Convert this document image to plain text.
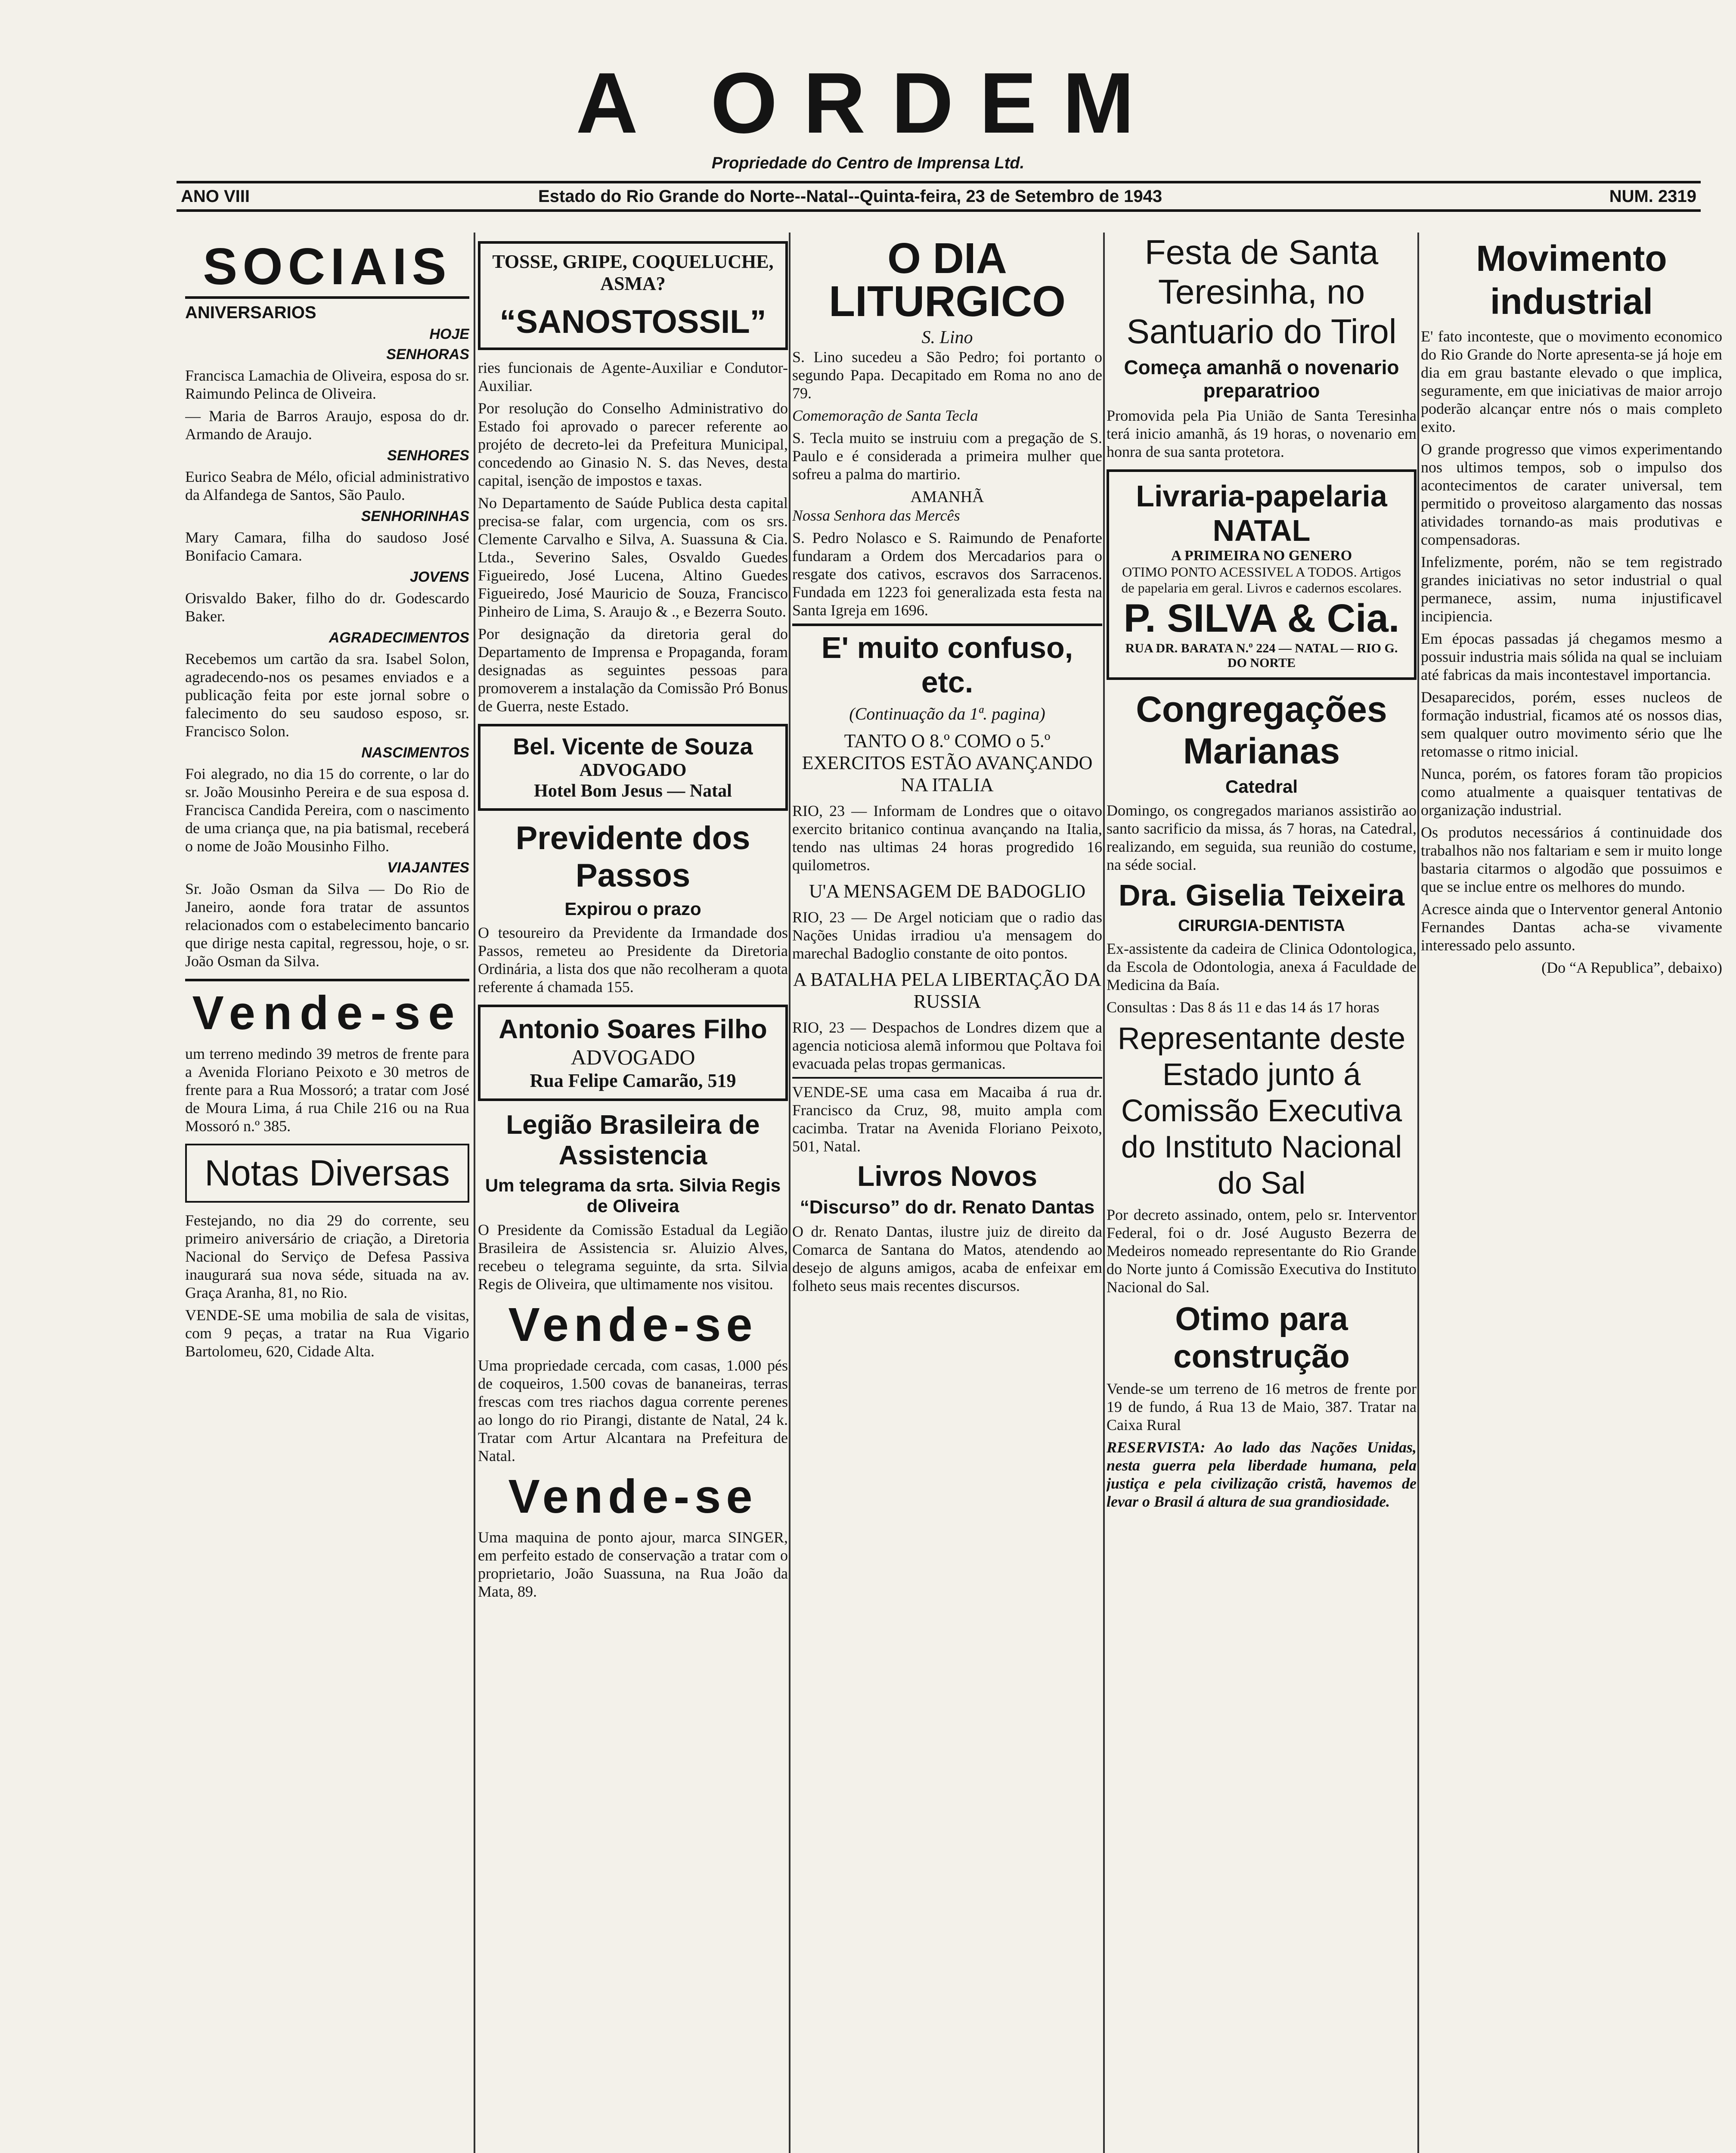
A ORDEM
Propriedade do Centro de Imprensa Ltd.
ANO VIII	Estado do Rio Grande do Norte--Natal--Quinta-feira, 23 de Setembro de 1943	NUM. 2319
SOCIAIS
ANIVERSARIOS
HOJE
SENHORAS

Francisca Lamachia de Oliveira, esposa do sr. Raimundo Pelinca de Oliveira.

— Maria de Barros Araujo, esposa do dr. Armando de Araujo.

SENHORES

Eurico Seabra de Mélo, oficial administrativo da Alfandega de Santos, São Paulo.

SENHORINHAS

Mary Camara, filha do saudoso José Bonifacio Camara.

JOVENS

Orisvaldo Baker, filho do dr. Godescardo Baker.

AGRADECIMENTOS

Recebemos um cartão da sra. Isabel Solon, agradecendo-nos os pesames enviados e a publicação feita por este jornal sobre o falecimento do seu saudoso esposo, sr. Francisco Solon.

NASCIMENTOS

Foi alegrado, no dia 15 do corrente, o lar do sr. João Mousinho Pereira e de sua esposa d. Francisca Candida Pereira, com o nascimento de uma criança que, na pia batismal, receberá o nome de João Mousinho Filho.

VIAJANTES

Sr. João Osman da Silva — Do Rio de Janeiro, aonde fora tratar de assuntos relacionados com o estabelecimento bancario que dirige nesta capital, regressou, hoje, o sr. João Osman da Silva.

Vende-se

um terreno medindo 39 metros de frente para a Avenida Floriano Peixoto e 30 metros de frente para a Rua Mossoró; a tratar com José de Moura Lima, á rua Chile 216 ou na Rua Mossoró n.º 385.

Notas Diversas

Festejando, no dia 29 do corrente, seu primeiro aniversário de criação, a Diretoria Nacional do Serviço de Defesa Passiva inaugurará sua nova séde, situada na av. Graça Aranha, 81, no Rio.

VENDE-SE uma mobilia de sala de visitas, com 9 peças, a tratar na Rua Vigario Bartolomeu, 620, Cidade Alta.

TOSSE, GRIPE, COQUELUCHE, ASMA?
“SANOSTOSSIL”

ries funcionais de Agente-Auxiliar e Condutor-Auxiliar.

Por resolução do Conselho Administrativo do Estado foi aprovado o parecer referente ao projéto de decreto-lei da Prefeitura Municipal, concedendo ao Ginasio N. S. das Neves, desta capital, isenção de impostos e taxas.

No Departamento de Saúde Publica desta capital precisa-se falar, com urgencia, com os srs. Clemente Carvalho e Silva, A. Suassuna & Cia. Ltda., Severino Sales, Osvaldo Guedes Figueiredo, José Lucena, Altino Guedes Figueiredo, José Mauricio de Souza, Francisco Pinheiro de Lima, S. Araujo & ., e Bezerra Souto.

Por designação da diretoria geral do Departamento de Imprensa e Propaganda, foram designadas as seguintes pessoas para promoverem a instalação da Comissão Pró Bonus de Guerra, neste Estado.

Bel. Vicente de Souza
ADVOGADO
Hotel Bom Jesus — Natal
Previdente dos Passos
Expirou o prazo

O tesoureiro da Previdente da Irmandade dos Passos, remeteu ao Presidente da Diretoria Ordinária, a lista dos que não recolheram a quota referente á chamada 155.

Antonio Soares Filho
ADVOGADO
Rua Felipe Camarão, 519
Legião Brasileira de Assistencia
Um telegrama da srta. Silvia Regis de Oliveira

O Presidente da Comissão Estadual da Legião Brasileira de Assistencia sr. Aluizio Alves, recebeu o telegrama seguinte, da srta. Silvia Regis de Oliveira, que ultimamente nos visitou.

Vende-se

Uma propriedade cercada, com casas, 1.000 pés de coqueiros, 1.500 covas de bananeiras, terras frescas com tres riachos dagua corrente perenes ao longo do rio Pirangi, distante de Natal, 24 k. Tratar com Artur Alcantara na Prefeitura de Natal.

Vende-se

Uma maquina de ponto ajour, marca SINGER, em perfeito estado de conservação a tratar com o proprietario, João Suassuna, na Rua João da Mata, 89.

O DIA LITURGICO
S. Lino

S. Lino sucedeu a São Pedro; foi portanto o segundo Papa. Decapitado em Roma no ano de 79.

Comemoração de Santa Tecla

S. Tecla muito se instruiu com a pregação de S. Paulo e é considerada a primeira mulher que sofreu a palma do martirio.

AMANHÃ

Nossa Senhora das Mercês

S. Pedro Nolasco e S. Raimundo de Penaforte fundaram a Ordem dos Mercadarios para o resgate dos cativos, escravos dos Sarracenos. Fundada em 1223 foi generalizada esta festa na Santa Igreja em 1696.

E' muito confuso, etc.
(Continuação da 1ª. pagina)
TANTO O 8.º COMO o 5.º EXERCITOS ESTÃO AVANÇANDO NA ITALIA

RIO, 23 — Informam de Londres que o oitavo exercito britanico continua avançando na Italia, tendo nas ultimas 24 horas progredido 16 quilometros.

U'A MENSAGEM DE BADOGLIO

RIO, 23 — De Argel noticiam que o radio das Nações Unidas irradiou u'a mensagem do marechal Badoglio constante de oito pontos.

A BATALHA PELA LIBERTAÇÃO DA RUSSIA

RIO, 23 — Despachos de Londres dizem que a agencia noticiosa alemã informou que Poltava foi evacuada pelas tropas germanicas.

VENDE-SE uma casa em Macaiba á rua dr. Francisco da Cruz, 98, muito ampla com cacimba. Tratar na Avenida Floriano Peixoto, 501, Natal.

Livros Novos
“Discurso” do dr. Renato Dantas

O dr. Renato Dantas, ilustre juiz de direito da Comarca de Santana do Matos, atendendo ao desejo de alguns amigos, acaba de enfeixar em folheto seus mais recentes discursos.

Festa de Santa Teresinha, no Santuario do Tirol
Começa amanhã o novenario preparatrioo

Promovida pela Pia União de Santa Teresinha terá inicio amanhã, ás 19 horas, o novenario em honra de sua santa protetora.

Livraria-papelaria NATAL
A PRIMEIRA NO GENERO
OTIMO PONTO ACESSIVEL A TODOS. Artigos de papelaria em geral. Livros e cadernos escolares.
P. SILVA & Cia.
RUA DR. BARATA N.º 224 — NATAL — RIO G. DO NORTE
Congregações Marianas
Catedral

Domingo, os congregados marianos assistirão ao santo sacrificio da missa, ás 7 horas, na Catedral, realizando, em seguida, sua reunião do costume, na séde social.

Dra. Giselia Teixeira
CIRURGIA-DENTISTA

Ex-assistente da cadeira de Clinica Odontologica, da Escola de Odontologia, anexa á Faculdade de Medicina da Baía.

Consultas : Das 8 ás 11 e das 14 ás 17 horas

Representante deste Estado junto á Comissão Executiva do Instituto Nacional do Sal

Por decreto assinado, ontem, pelo sr. Interventor Federal, foi o dr. José Augusto Bezerra de Medeiros nomeado representante do Rio Grande do Norte junto á Comissão Executiva do Instituto Nacional do Sal.

Otimo para construção

Vende-se um terreno de 16 metros de frente por 19 de fundo, á Rua 13 de Maio, 387. Tratar na Caixa Rural

RESERVISTA: Ao lado das Nações Unidas, nesta guerra pela liberdade humana, pela justiça e pela civilização cristã, havemos de levar o Brasil á altura de sua grandiosidade.

Movimento industrial

E' fato inconteste, que o movimento economico do Rio Grande do Norte apresenta-se já hoje em dia em grau bastante elevado o que implica, seguramente, em que iniciativas de maior arrojo poderão alcançar entre nós o mais completo exito.

O grande progresso que vimos experimentando nos ultimos tempos, sob o impulso dos acontecimentos de carater universal, tem permitido o proveitoso alargamento das nossas atividades tornando-as mais produtivas e compensadoras.

Infelizmente, porém, não se tem registrado grandes iniciativas no setor industrial o qual permanece, assim, numa injustificavel incipiencia.

Em épocas passadas já chegamos mesmo a possuir industria mais sólida na qual se incluiam até fabricas da mais incontestavel importancia.

Desaparecidos, porém, esses nucleos de formação industrial, ficamos até os nossos dias, sem qualquer outro movimento sério que lhe retomasse o ritmo inicial.

Nunca, porém, os fatores foram tão propicios como atualmente a quaisquer tentativas de organização industrial.

Os produtos necessários á continuidade dos trabalhos não nos faltariam e sem ir muito longe bastaria citarmos o algodão que possuimos e que se inclue entre os melhores do mundo.

Acresce ainda que o Interventor general Antonio Fernandes Dantas acha-se vivamente interessado pelo assunto.

(Do “A Republica”, debaixo)
